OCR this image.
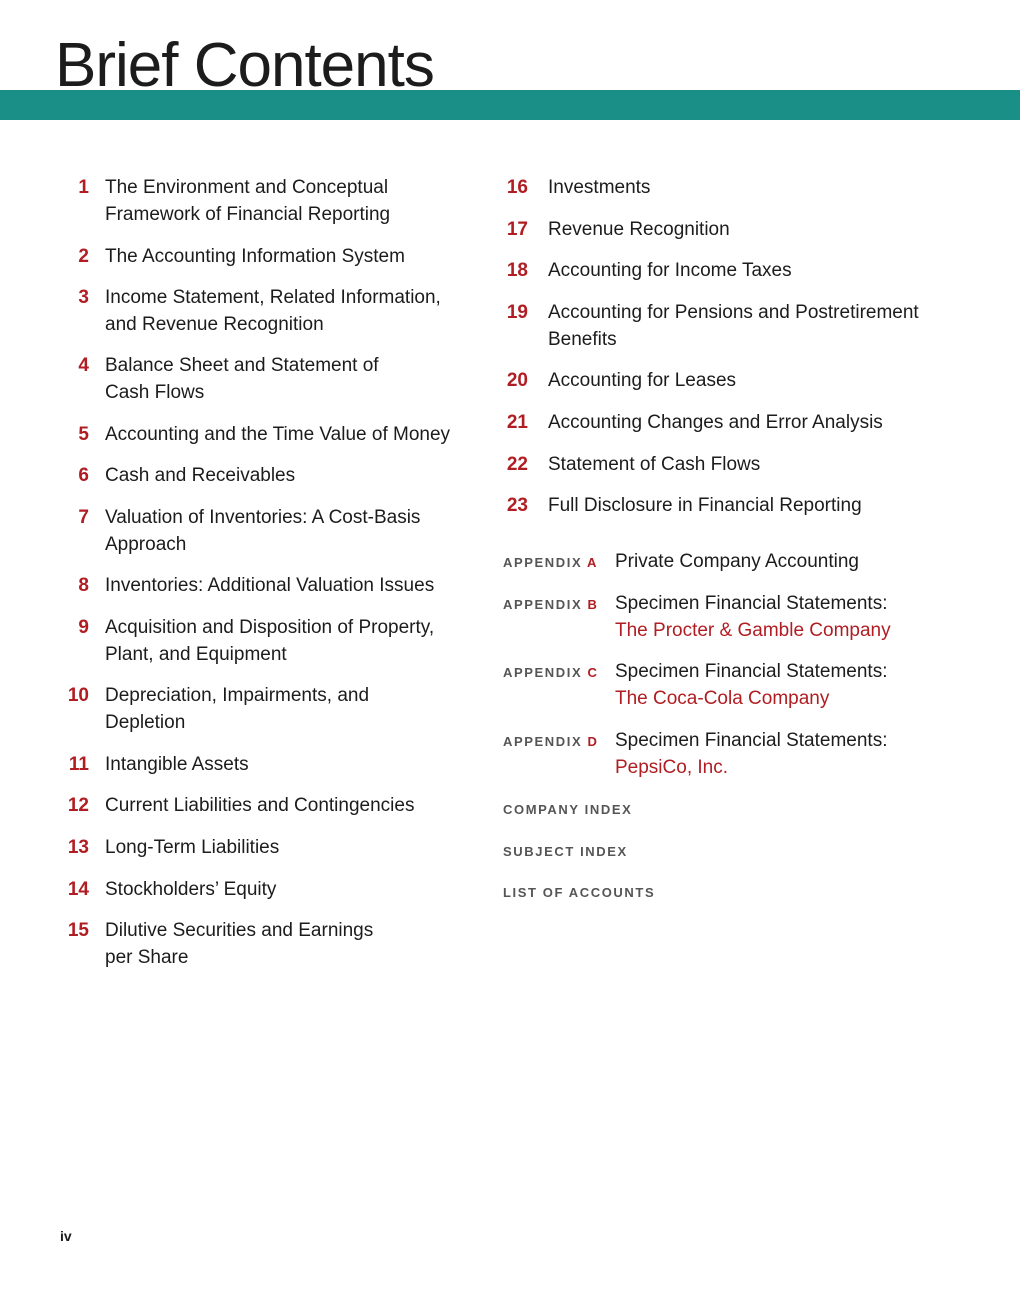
Brief Contents
1 The Environment and Conceptual
Framework of Financial Reporting
2 The Accounting Information System
3 Income Statement, Related Information,
and Revenue Recognition
4 Balance Sheet and Statement of
Cash Flows
5 Accounting and the Time Value of Money
6 Cash and Receivables
7 Valuation of Inventories: A Cost-Basis
Approach
8 Inventories: Additional Valuation Issues
9 Acquisition and Disposition of Property,
Plant, and Equipment
10 Depreciation, Impairments, and
Depletion
11 Intangible Assets
12 Current Liabilities and Contingencies
13 Long-Term Liabilities
14 Stockholders’ Equity
15 Dilutive Securities and Earnings
per Share
16 Investments
17 Revenue Recognition
18 Accounting for Income Taxes
19 Accounting for Pensions and Postretirement
Benefits
20 Accounting for Leases
21 Accounting Changes and Error Analysis
22 Statement of Cash Flows
23 Full Disclosure in Financial Reporting
APPENDIX A Private Company Accounting
APPENDIX B Specimen Financial Statements:
The Procter & Gamble Company
APPENDIX C Specimen Financial Statements:
The Coca-Cola Company
APPENDIX D Specimen Financial Statements:
PepsiCo, Inc.
COMPANY INDEX
SUBJECT INDEX
LIST OF ACCOUNTS
iv
